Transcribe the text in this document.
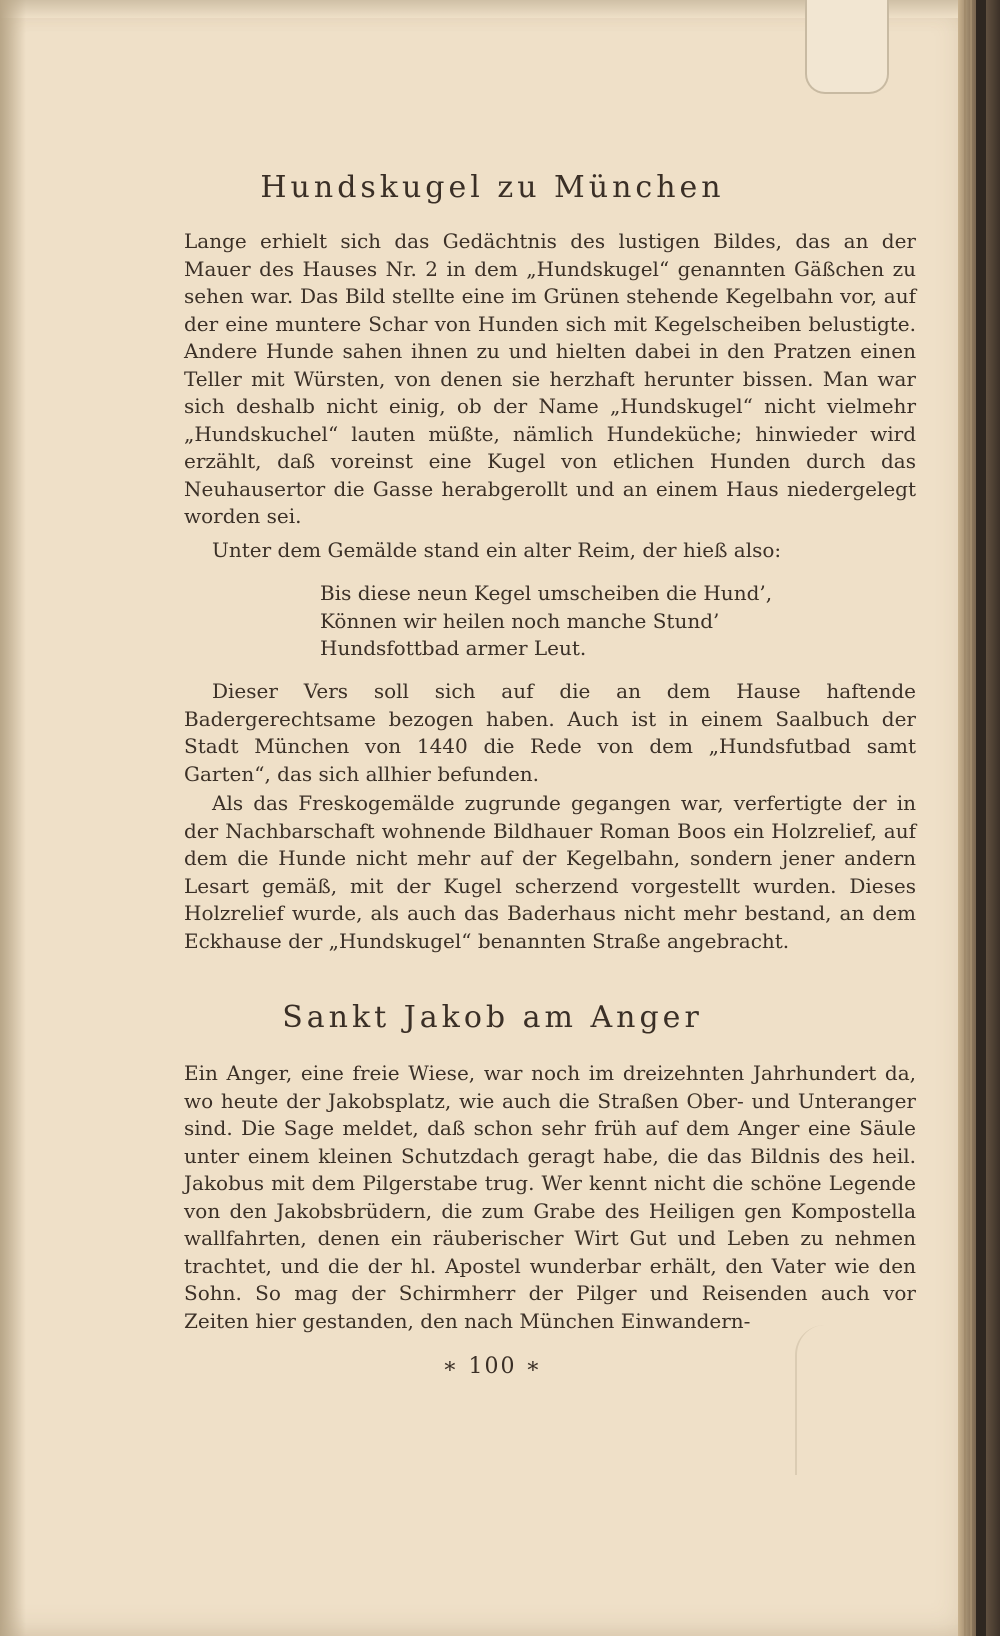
Hundskugel zu München

Lange erhielt sich das Gedächtnis des lustigen Bildes, das an der Mauer des Hauses Nr. 2 in dem „Hundskugel“ genannten Gäßchen zu sehen war. Das Bild stellte eine im Grünen stehende Kegelbahn vor, auf der eine muntere Schar von Hunden sich mit Kegelscheiben belustigte. Andere Hunde sahen ihnen zu und hielten dabei in den Pratzen einen Teller mit Würsten, von denen sie herzhaft herunter bissen. Man war sich deshalb nicht einig, ob der Name „Hundskugel“ nicht vielmehr „Hundskuchel“ lauten müßte, nämlich Hundeküche; hinwieder wird erzählt, daß voreinst eine Kugel von etlichen Hunden durch das Neuhausertor die Gasse herabgerollt und an einem Haus niedergelegt worden sei.

Unter dem Gemälde stand ein alter Reim, der hieß also:

Bis diese neun Kegel umscheiben die Hund’,
Können wir heilen noch manche Stund’
Hundsfottbad armer Leut.

Dieser Vers soll sich auf die an dem Hause haftende Badergerechtsame bezogen haben. Auch ist in einem Saalbuch der Stadt München von 1440 die Rede von dem „Hundsfutbad samt Garten“, das sich allhier befunden.

Als das Freskogemälde zugrunde gegangen war, verfertigte der in der Nachbarschaft wohnende Bildhauer Roman Boos ein Holzrelief, auf dem die Hunde nicht mehr auf der Kegelbahn, sondern jener andern Lesart gemäß, mit der Kugel scherzend vorgestellt wurden. Dieses Holzrelief wurde, als auch das Baderhaus nicht mehr bestand, an dem Eckhause der „Hundskugel“ benannten Straße angebracht.

Sankt Jakob am Anger

Ein Anger, eine freie Wiese, war noch im dreizehnten Jahrhundert da, wo heute der Jakobsplatz, wie auch die Straßen Ober- und Unteranger sind. Die Sage meldet, daß schon sehr früh auf dem Anger eine Säule unter einem kleinen Schutzdach geragt habe, die das Bildnis des heil. Jakobus mit dem Pilgerstabe trug. Wer kennt nicht die schöne Legende von den Jakobsbrüdern, die zum Grabe des Heiligen gen Kompostella wallfahrten, denen ein räuberischer Wirt Gut und Leben zu nehmen trachtet, und die der hl. Apostel wunderbar erhält, den Vater wie den Sohn. So mag der Schirmherr der Pilger und Reisenden auch vor Zeiten hier gestanden, den nach München Einwandern-

∗ 100 ∗
